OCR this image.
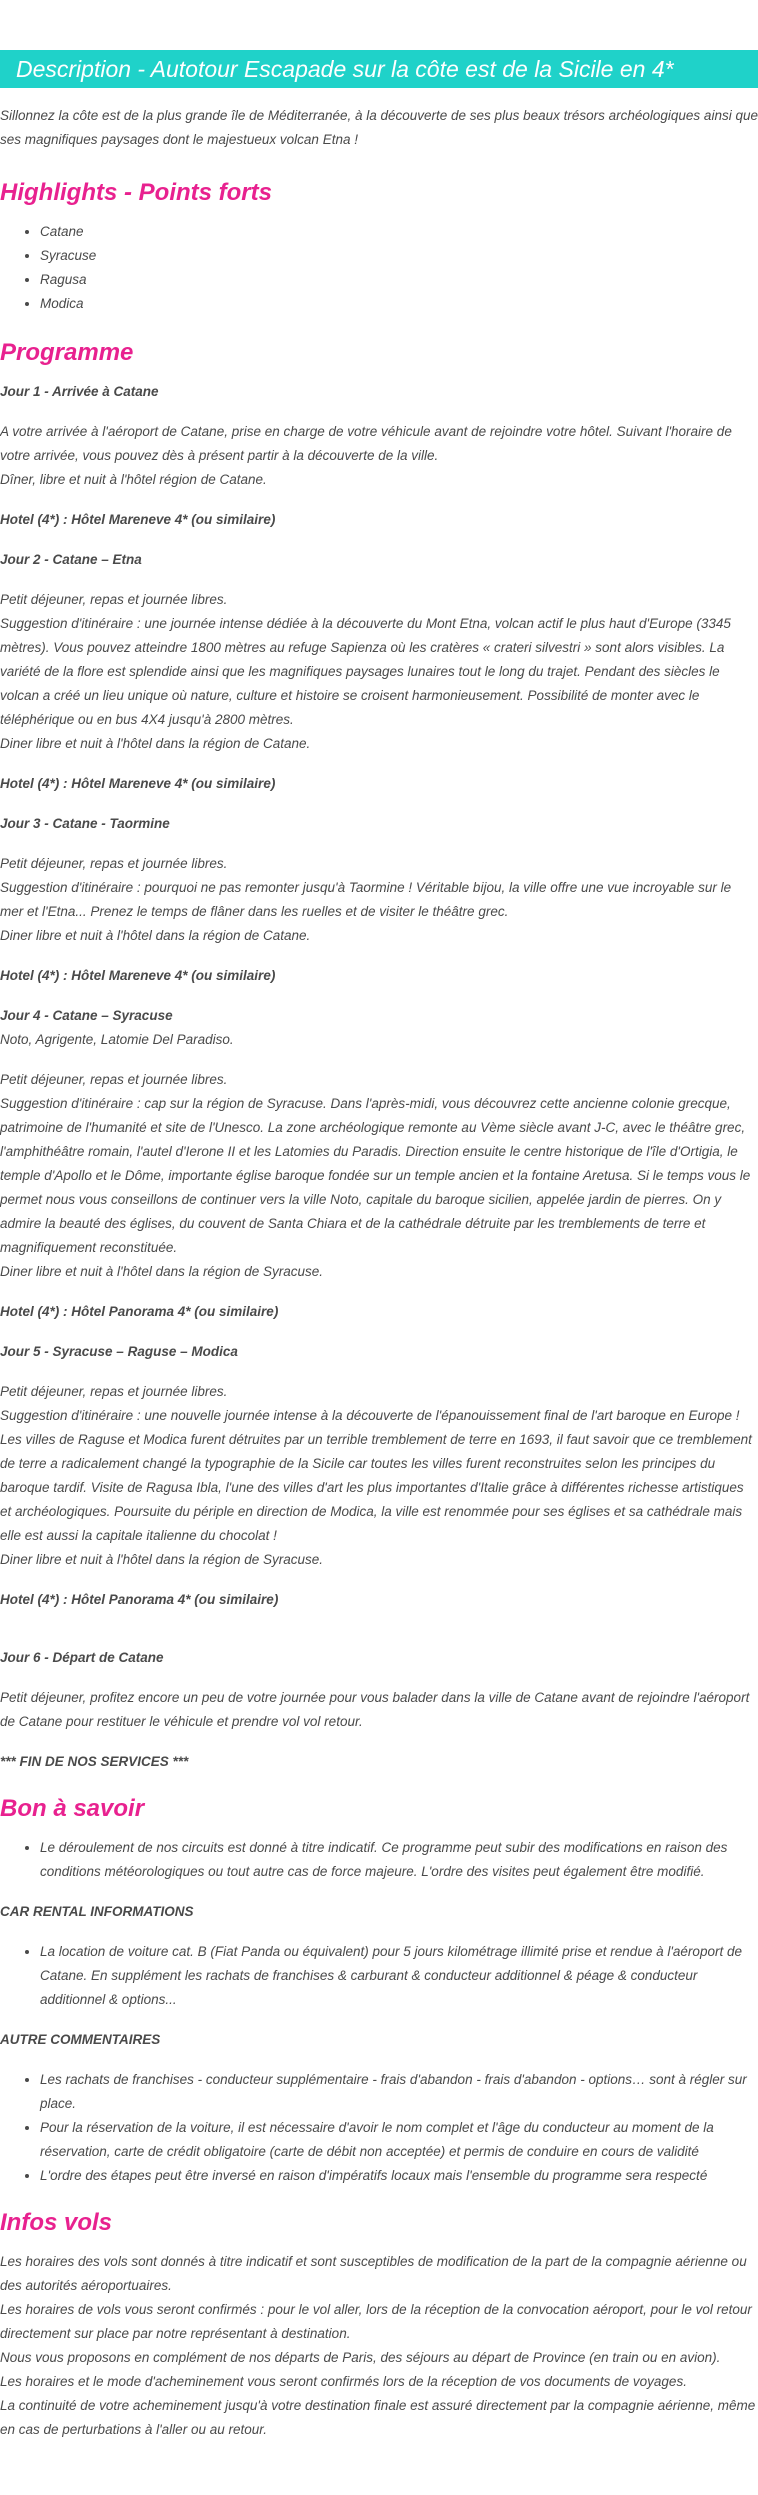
Description - Autotour Escapade sur la côte est de la Sicile en 4*

Sillonnez la côte est de la plus grande île de Méditerranée, à la découverte de ses plus beaux trésors archéologiques ainsi que ses magnifiques paysages dont le majestueux volcan Etna !

Highlights - Points forts
• Catane
• Syracuse
• Ragusa
• Modica
Programme
Jour 1 - Arrivée à Catane

A votre arrivée à l'aéroport de Catane, prise en charge de votre véhicule avant de rejoindre votre hôtel. Suivant l'horaire de votre arrivée, vous pouvez dès à présent partir à la découverte de la ville.
Dîner, libre et nuit à l'hôtel région de Catane.

Hotel (4*) : Hôtel Mareneve 4* (ou similaire)
Jour 2 - Catane – Etna

Petit déjeuner, repas et journée libres.
Suggestion d'itinéraire : une journée intense dédiée à la découverte du Mont Etna, volcan actif le plus haut d'Europe (3345 mètres). Vous pouvez atteindre 1800 mètres au refuge Sapienza où les cratères « crateri silvestri » sont alors visibles. La variété de la flore est splendide ainsi que les magnifiques paysages lunaires tout le long du trajet. Pendant des siècles le volcan a créé un lieu unique où nature, culture et histoire se croisent harmonieusement. Possibilité de monter avec le téléphérique ou en bus 4X4 jusqu'à 2800 mètres.
Diner libre et nuit à l'hôtel dans la région de Catane.

Hotel (4*) : Hôtel Mareneve 4* (ou similaire)
Jour 3 - Catane - Taormine

Petit déjeuner, repas et journée libres.
Suggestion d'itinéraire : pourquoi ne pas remonter jusqu'à Taormine ! Véritable bijou, la ville offre une vue incroyable sur le mer et l'Etna... Prenez le temps de flâner dans les ruelles et de visiter le théâtre grec.
Diner libre et nuit à l'hôtel dans la région de Catane.

Hotel (4*) : Hôtel Mareneve 4* (ou similaire)
Jour 4 - Catane – Syracuse

Noto, Agrigente, Latomie Del Paradiso.

Petit déjeuner, repas et journée libres.
Suggestion d'itinéraire : cap sur la région de Syracuse. Dans l'après-midi, vous découvrez cette ancienne colonie grecque, patrimoine de l'humanité et site de l'Unesco. La zone archéologique remonte au Vème siècle avant J-C, avec le théâtre grec, l'amphithéâtre romain, l'autel d'Ierone II et les Latomies du Paradis. Direction ensuite le centre historique de l'île d'Ortigia, le temple d'Apollo et le Dôme, importante église baroque fondée sur un temple ancien et la fontaine Aretusa. Si le temps vous le permet nous vous conseillons de continuer vers la ville Noto, capitale du baroque sicilien, appelée jardin de pierres. On y admire la beauté des églises, du couvent de Santa Chiara et de la cathédrale détruite par les tremblements de terre et magnifiquement reconstituée.
Diner libre et nuit à l'hôtel dans la région de Syracuse.

Hotel (4*) : Hôtel Panorama 4* (ou similaire)
Jour 5 - Syracuse – Raguse – Modica

Petit déjeuner, repas et journée libres.
Suggestion d'itinéraire : une nouvelle journée intense à la découverte de l'épanouissement final de l'art baroque en Europe ! Les villes de Raguse et Modica furent détruites par un terrible tremblement de terre en 1693, il faut savoir que ce tremblement de terre a radicalement changé la typographie de la Sicile car toutes les villes furent reconstruites selon les principes du baroque tardif. Visite de Ragusa Ibla, l'une des villes d'art les plus importantes d'Italie grâce à différentes richesse artistiques et archéologiques. Poursuite du périple en direction de Modica, la ville est renommée pour ses églises et sa cathédrale mais elle est aussi la capitale italienne du chocolat !
Diner libre et nuit à l'hôtel dans la région de Syracuse.

Hotel (4*) : Hôtel Panorama 4* (ou similaire)
Jour 6 - Départ de Catane

Petit déjeuner, profitez encore un peu de votre journée pour vous balader dans la ville de Catane avant de rejoindre l'aéroport de Catane pour restituer le véhicule et prendre vol vol retour.

*** FIN DE NOS SERVICES ***
Bon à savoir
• Le déroulement de nos circuits est donné à titre indicatif. Ce programme peut subir des modifications en raison des conditions météorologiques ou tout autre cas de force majeure. L'ordre des visites peut également être modifié.
CAR RENTAL INFORMATIONS
• La location de voiture cat. B (Fiat Panda ou équivalent) pour 5 jours kilométrage illimité prise et rendue à l'aéroport de Catane. En supplément les rachats de franchises & carburant & conducteur additionnel & péage & conducteur additionnel & options...
AUTRE COMMENTAIRES
• Les rachats de franchises - conducteur supplémentaire - frais d'abandon - frais d'abandon - options… sont à régler sur place.
• Pour la réservation de la voiture, il est nécessaire d'avoir le nom complet et l'âge du conducteur au moment de la réservation, carte de crédit obligatoire (carte de débit non acceptée) et permis de conduire en cours de validité
• L'ordre des étapes peut être inversé en raison d'impératifs locaux mais l'ensemble du programme sera respecté
Infos vols

Les horaires des vols sont donnés à titre indicatif et sont susceptibles de modification de la part de la compagnie aérienne ou des autorités aéroportuaires.
Les horaires de vols vous seront confirmés : pour le vol aller, lors de la réception de la convocation aéroport, pour le vol retour directement sur place par notre représentant à destination.
Nous vous proposons en complément de nos départs de Paris, des séjours au départ de Province (en train ou en avion).
Les horaires et le mode d'acheminement vous seront confirmés lors de la réception de vos documents de voyages.
La continuité de votre acheminement jusqu'à votre destination finale est assuré directement par la compagnie aérienne, même en cas de perturbations à l'aller ou au retour.
